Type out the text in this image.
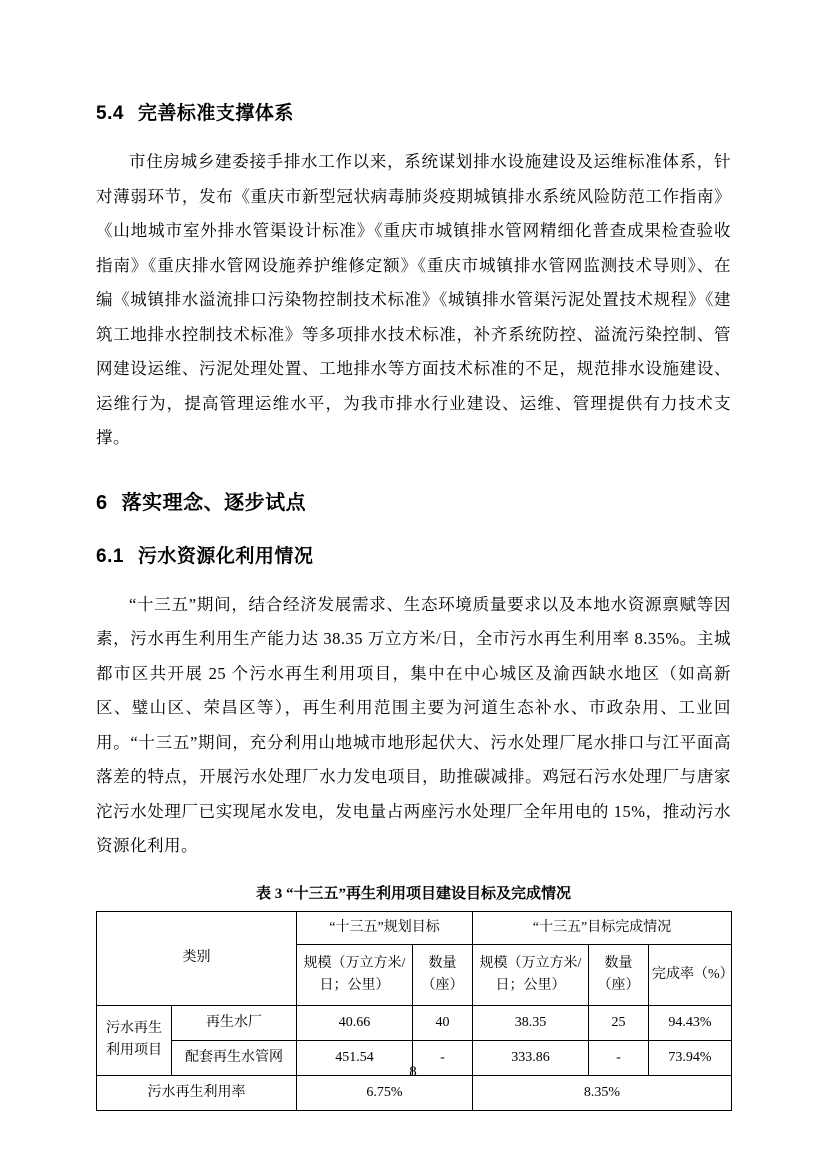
5.4 完善标准支撑体系

市住房城乡建委接手排水工作以来，系统谋划排水设施建设及运维标准体系，针对薄弱环节，发布《重庆市新型冠状病毒肺炎疫期城镇排水系统风险防范工作指南》《山地城市室外排水管渠设计标准》《重庆市城镇排水管网精细化普查成果检查验收指南》《重庆排水管网设施养护维修定额》《重庆市城镇排水管网监测技术导则》、在编《城镇排水溢流排口污染物控制技术标准》《城镇排水管渠污泥处置技术规程》《建筑工地排水控制技术标准》等多项排水技术标准，补齐系统防控、溢流污染控制、管网建设运维、污泥处理处置、工地排水等方面技术标准的不足，规范排水设施建设、运维行为，提高管理运维水平，为我市排水行业建设、运维、管理提供有力技术支撑。

6 落实理念、逐步试点
6.1 污水资源化利用情况

“十三五”期间，结合经济发展需求、生态环境质量要求以及本地水资源禀赋等因素，污水再生利用生产能力达 38.35 万立方米/日，全市污水再生利用率 8.35%。主城都市区共开展 25 个污水再生利用项目，集中在中心城区及渝西缺水地区（如高新区、璧山区、荣昌区等），再生利用范围主要为河道生态补水、市政杂用、工业回用。“十三五”期间，充分利用山地城市地形起伏大、污水处理厂尾水排口与江平面高落差的特点，开展污水处理厂水力发电项目，助推碳减排。鸡冠石污水处理厂与唐家沱污水处理厂已实现尾水发电，发电量占两座污水处理厂全年用电的 15%，推动污水资源化利用。

表 3 “十三五”再生利用项目建设目标及完成情况
类别		“十三五”规划目标		“十三五”目标完成情况		
		规模（万立方米/日；公里）	数量（座）	规模（万立方米/日；公里）	数量（座）	完成率（%）
污水再生利用项目	再生水厂	40.66	40	38.35	25	94.43%
	配套再生水管网	451.54	-	333.86	-	73.94%
污水再生利用率		6.75%		8.35%		
8
